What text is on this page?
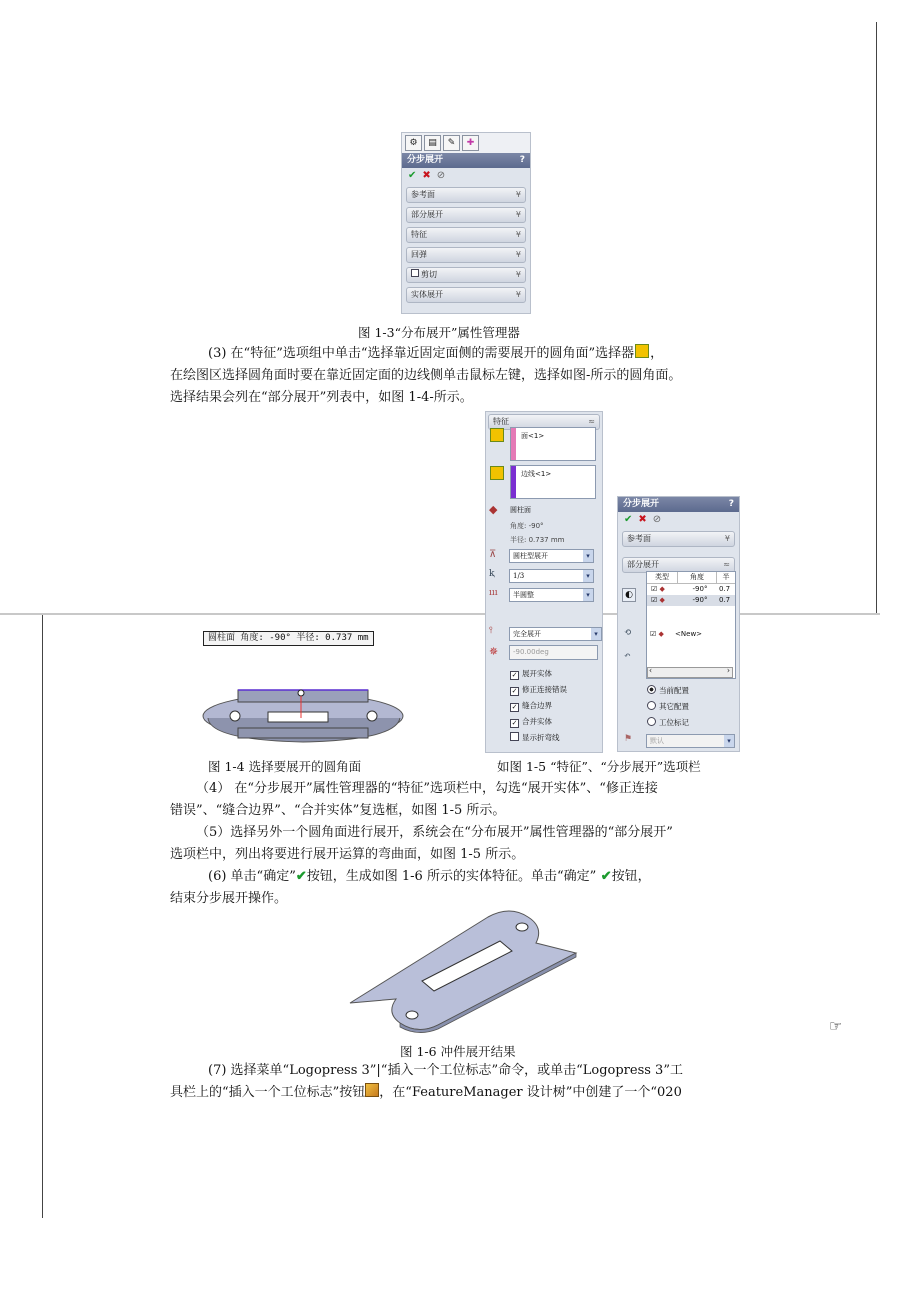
⚙	▤	✎	✚
分步展开	?
✔ ✖ ⊘
参考面	¥
部分展开	¥
特征	¥
回弹	¥
剪切	¥
实体展开	¥
图 1-3“分布展开”属性管理器
(3) 在“特征”选项组中单击“选择靠近固定面侧的需要展开的圆角面”选择器 ，
在绘图区选择圆角面时要在靠近固定面的边线侧单击鼠标左键，选择如图-所示的圆角面。
选择结果会列在“部分展开”列表中，如图 1-4-所示。
特征	≈
面<1>
边线<1>
◆	圆柱面
角度: -90°
半径: 0.737 mm
⊼	圆柱型展开 ▾
ⱪ	1/3 ▾
ııı	半圆整 ▾
⫯	完全展开 ▾
✵	-90.00deg
✓ 展开实体
✓ 修正连接错误
✓ 缝合边界
✓ 合并实体
显示折弯线
分步展开	?
✔ ✖ ⊘
参考面	¥
部分展开	≈
类型	角度	半
☑ ◆	-90°	0.7
☑ ◆	-90°	0.7
☑ ◆ <New>
‹	›
◐
⟲
↶
当前配置
其它配置
工位标记
⚑	默认 ▾
圆柱面 角度: -90° 半径: 0.737 mm
图 1-4 选择要展开的圆角面	如图 1-5 “特征”、“分步展开”选项栏
（4） 在“分步展开”属性管理器的“特征”选项栏中，勾选“展开实体”、“修正连接
错误”、“缝合边界”、“合并实体”复选框，如图 1-5 所示。
（5）选择另外一个圆角面进行展开，系统会在“分布展开”属性管理器的“部分展开”
选项栏中，列出将要进行展开运算的弯曲面，如图 1-5 所示。
(6) 单击“确定”✔按钮，生成如图 1-6 所示的实体特征。单击“确定” ✔按钮，
结束分步展开操作。
图 1-6 冲件展开结果
(7) 选择菜单“Logopress 3”|“插入一个工位标志”命令，或单击“Logopress 3”工
具栏上的“插入一个工位标志”按钮 ，在“FeatureManager 设计树”中创建了一个“020
☞
